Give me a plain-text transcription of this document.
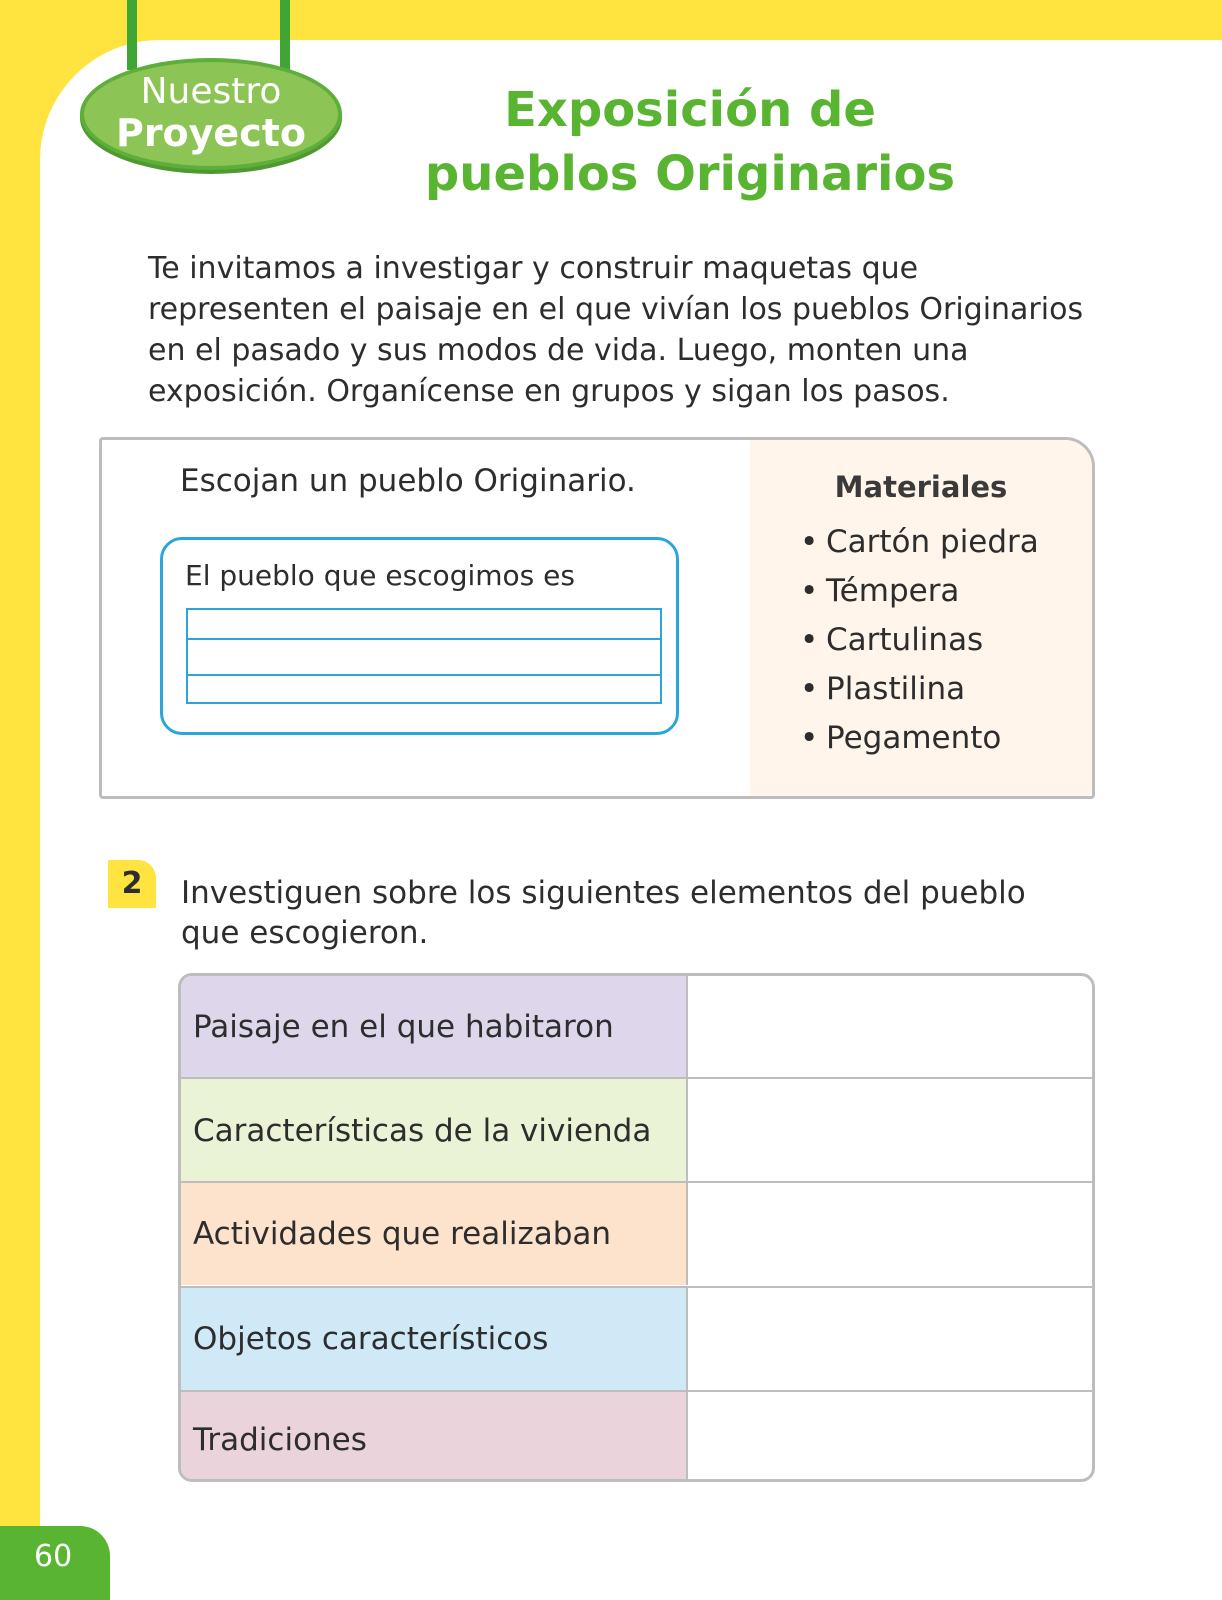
Nuestro
Proyecto	Exposición de
pueblos Originarios
Te invitamos a investigar y construir maquetas que representen el paisaje en el que vivían los pueblos Originarios en el pasado y sus modos de vida. Luego, monten una exposición. Organícense en grupos y sigan los pasos.
Materiales
• Cartón piedra
• Témpera
• Cartulinas
• Plastilina
• Pegamento
Escojan un pueblo Originario.
El pueblo que escogimos es
2	Investiguen sobre los siguientes elementos del pueblo
que escogieron.
Paisaje en el que habitaron
Características de la vivienda
Actividades que realizaban
Objetos característicos
Tradiciones
60
